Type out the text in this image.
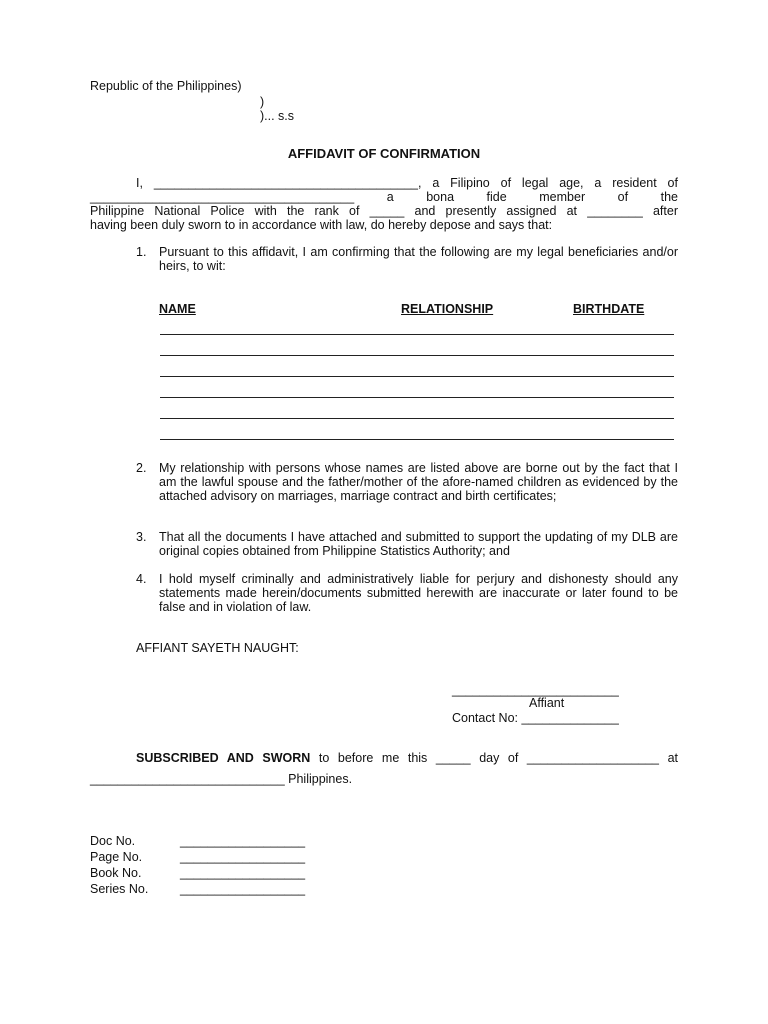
Republic of the Philippines)
)
)... s.s
AFFIDAVIT OF CONFIRMATION
I, ______________________________________, a Filipino of legal age, a resident of
______________________________________ a bona fide member of the
Philippine National Police with the rank of _____ and presently assigned at ________ after
having been duly sworn to in accordance with law, do hereby depose and says that:
1. Pursuant to this affidavit, I am confirming that the following are my legal beneficiaries and/or heirs, to wit:
NAME	RELATIONSHIP	BIRTHDATE
2. My relationship with persons whose names are listed above are borne out by the fact that I am the lawful spouse and the father/mother of the afore-named children as evidenced by the attached advisory on marriages, marriage contract and birth certificates;
3. That all the documents I have attached and submitted to support the updating of my DLB are original copies obtained from Philippine Statistics Authority; and
4. I hold myself criminally and administratively liable for perjury and dishonesty should any statements made herein/documents submitted herewith are inaccurate or later found to be false and in violation of law.
AFFIANT SAYETH NAUGHT:
________________________
Affiant
Contact No: ______________
SUBSCRIBED AND SWORN to before me this _____ day of ___________________ at
____________________________ Philippines.
Doc No.	__________________
Page No.	__________________
Book No.	__________________
Series No.	__________________
